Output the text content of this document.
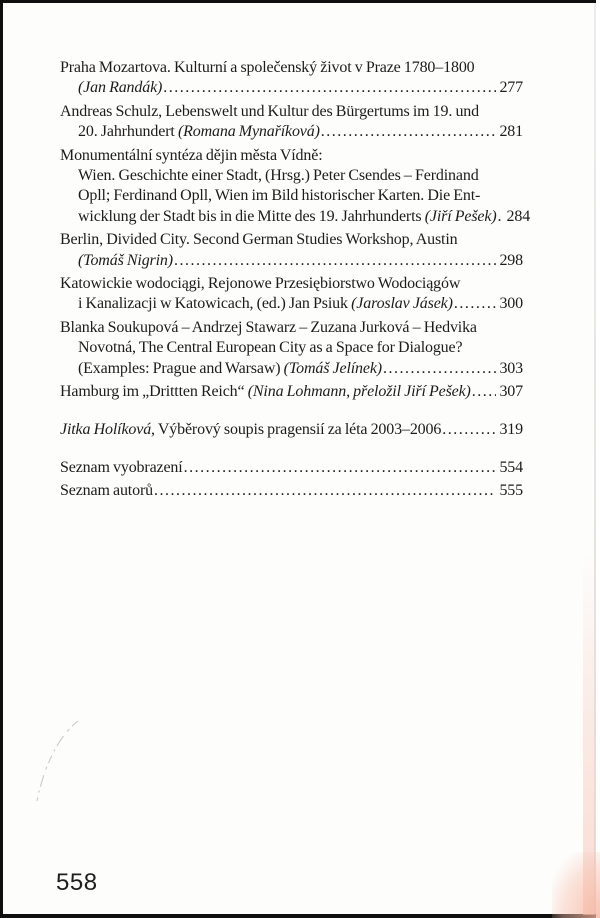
Praha Mozartova. Kulturní a společenský život v Praze 1780–1800
(Jan Randák) .....	277
Andreas Schulz, Lebenswelt und Kultur des Bürgertums im 19. und
20. Jahrhundert (Romana Mynaříková) .....	281
Monumentální syntéza dějin města Vídně:
Wien. Geschichte einer Stadt, (Hrsg.) Peter Csendes – Ferdinand
Opll; Ferdinand Opll, Wien im Bild historischer Karten. Die Ent-
wicklung der Stadt bis in die Mitte des 19. Jahrhunderts (Jiří Pešek) ..... 284
Berlin, Divided City. Second German Studies Workshop, Austin
(Tomáš Nigrin) .....	298
Katowickie wodociągi, Rejonowe Przesiębiorstwo Wodociągów
i Kanalizacji w Katowicach, (ed.) Jan Psiuk (Jaroslav Jásek) .....	300
Blanka Soukupová – Andrzej Stawarz – Zuzana Jurková – Hedvika
Novotná, The Central European City as a Space for Dialogue?
(Examples: Prague and Warsaw) (Tomáš Jelínek) .....	303
Hamburg im „Drittten Reich“ (Nina Lohmann, přeložil Jiří Pešek) ..... 307
Jitka Holíková, Výběrový soupis pragensií za léta 2003–2006 .....	319
Seznam vyobrazení .....	554
Seznam autorů .....	555
558
